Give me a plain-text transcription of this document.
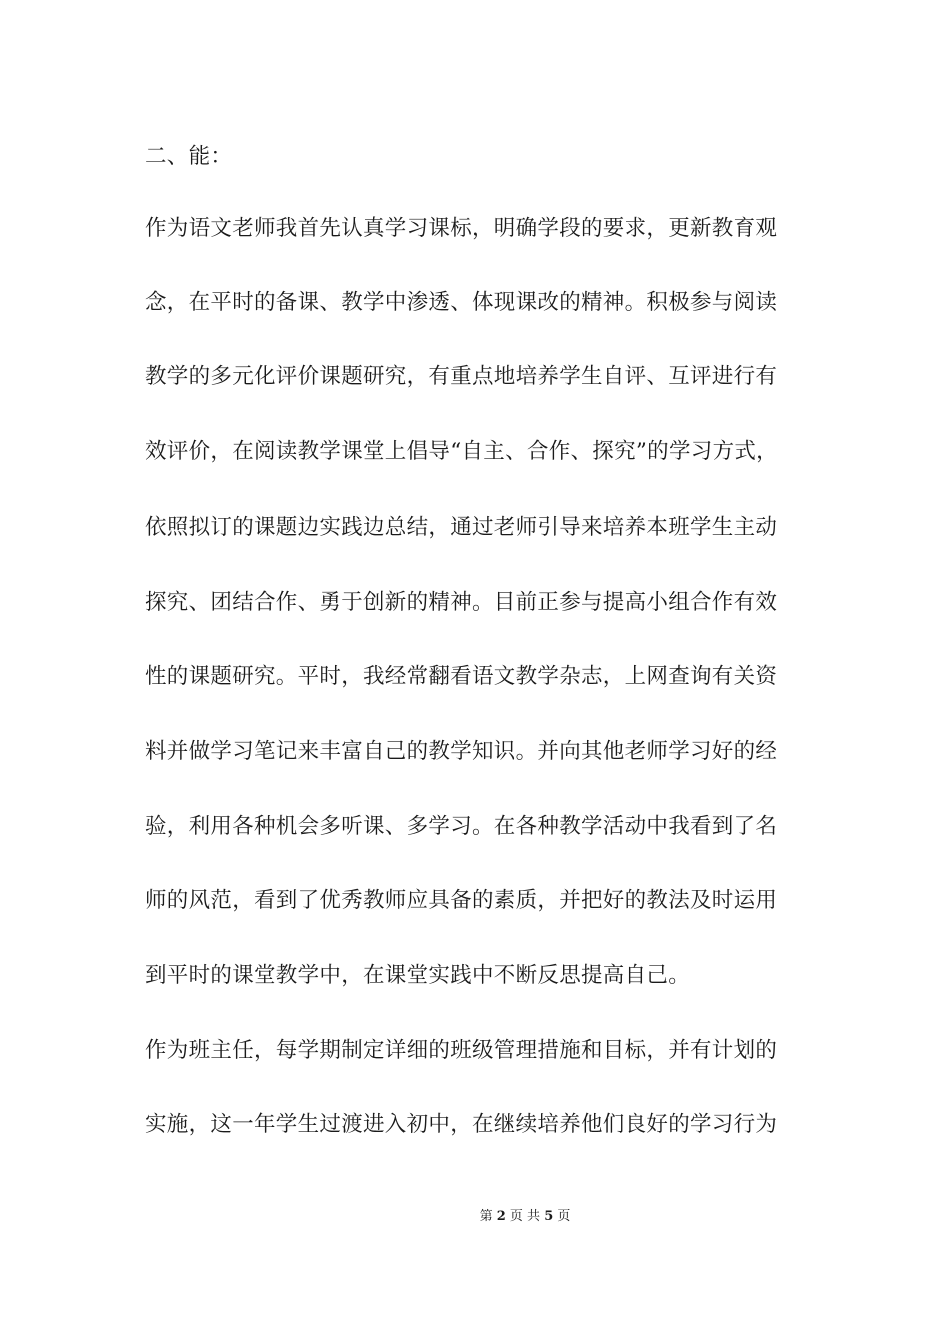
二、能：
作为语文老师我首先认真学习课标，明确学段的要求，更新教育观
念，在平时的备课、教学中渗透、体现课改的精神。积极参与阅读
教学的多元化评价课题研究，有重点地培养学生自评、互评进行有
效评价，在阅读教学课堂上倡导“自主、合作、探究”的学习方式，
依照拟订的课题边实践边总结，通过老师引导来培养本班学生主动
探究、团结合作、勇于创新的精神。目前正参与提高小组合作有效
性的课题研究。平时，我经常翻看语文教学杂志，上网查询有关资
料并做学习笔记来丰富自己的教学知识。并向其他老师学习好的经
验，利用各种机会多听课、多学习。在各种教学活动中我看到了名
师的风范，看到了优秀教师应具备的素质，并把好的教法及时运用
到平时的课堂教学中，在课堂实践中不断反思提高自己。
作为班主任，每学期制定详细的班级管理措施和目标，并有计划的
实施，这一年学生过渡进入初中，在继续培养他们良好的学习行为
第 2 页 共 5 页
